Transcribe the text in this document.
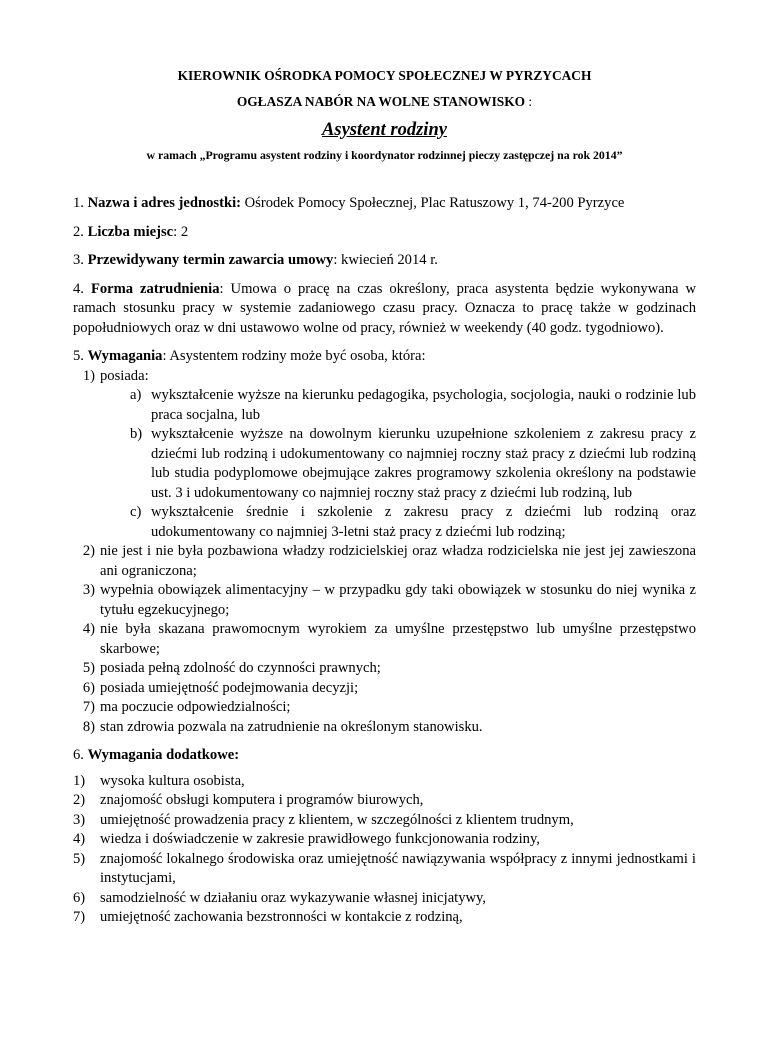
KIEROWNIK OŚRODKA POMOCY SPOŁECZNEJ W PYRZYCACH

OGŁASZA NABÓR NA WOLNE STANOWISKO :

Asystent rodziny

w ramach „Programu asystent rodziny i koordynator rodzinnej pieczy zastępczej na rok 2014”

1. Nazwa i adres jednostki: Ośrodek Pomocy Społecznej, Plac Ratuszowy 1, 74-200 Pyrzyce

2. Liczba miejsc: 2

3. Przewidywany termin zawarcia umowy: kwiecień 2014 r.

4. Forma zatrudnienia: Umowa o pracę na czas określony, praca asystenta będzie wykonywana w ramach stosunku pracy w systemie zadaniowego czasu pracy. Oznacza to pracę także w godzinach popołudniowych oraz w dni ustawowo wolne od pracy, również w weekendy (40 godz. tygodniowo).

5. Wymagania: Asystentem rodziny może być osoba, która:

1) posiada:
a) wykształcenie wyższe na kierunku pedagogika, psychologia, socjologia, nauki o rodzinie lub praca socjalna, lub
b) wykształcenie wyższe na dowolnym kierunku uzupełnione szkoleniem z zakresu pracy z dziećmi lub rodziną i udokumentowany co najmniej roczny staż pracy z dziećmi lub rodziną lub studia podyplomowe obejmujące zakres programowy szkolenia określony na podstawie ust. 3 i udokumentowany co najmniej roczny staż pracy z dziećmi lub rodziną, lub
c) wykształcenie średnie i szkolenie z zakresu pracy z dziećmi lub rodziną oraz udokumentowany co najmniej 3-letni staż pracy z dziećmi lub rodziną;
2) nie jest i nie była pozbawiona władzy rodzicielskiej oraz władza rodzicielska nie jest jej zawieszona ani ograniczona;
3) wypełnia obowiązek alimentacyjny – w przypadku gdy taki obowiązek w stosunku do niej wynika z tytułu egzekucyjnego;
4) nie była skazana prawomocnym wyrokiem za umyślne przestępstwo lub umyślne przestępstwo skarbowe;
5) posiada pełną zdolność do czynności prawnych;
6) posiada umiejętność podejmowania decyzji;
7) ma poczucie odpowiedzialności;
8) stan zdrowia pozwala na zatrudnienie na określonym stanowisku.

6. Wymagania dodatkowe:

1) wysoka kultura osobista,
2) znajomość obsługi komputera i programów biurowych,
3) umiejętność prowadzenia pracy z klientem, w szczególności z klientem trudnym,
4) wiedza i doświadczenie w zakresie prawidłowego funkcjonowania rodziny,
5) znajomość lokalnego środowiska oraz umiejętność nawiązywania współpracy z innymi jednostkami i instytucjami,
6) samodzielność w działaniu oraz wykazywanie własnej inicjatywy,
7) umiejętność zachowania bezstronności w kontakcie z rodziną,
